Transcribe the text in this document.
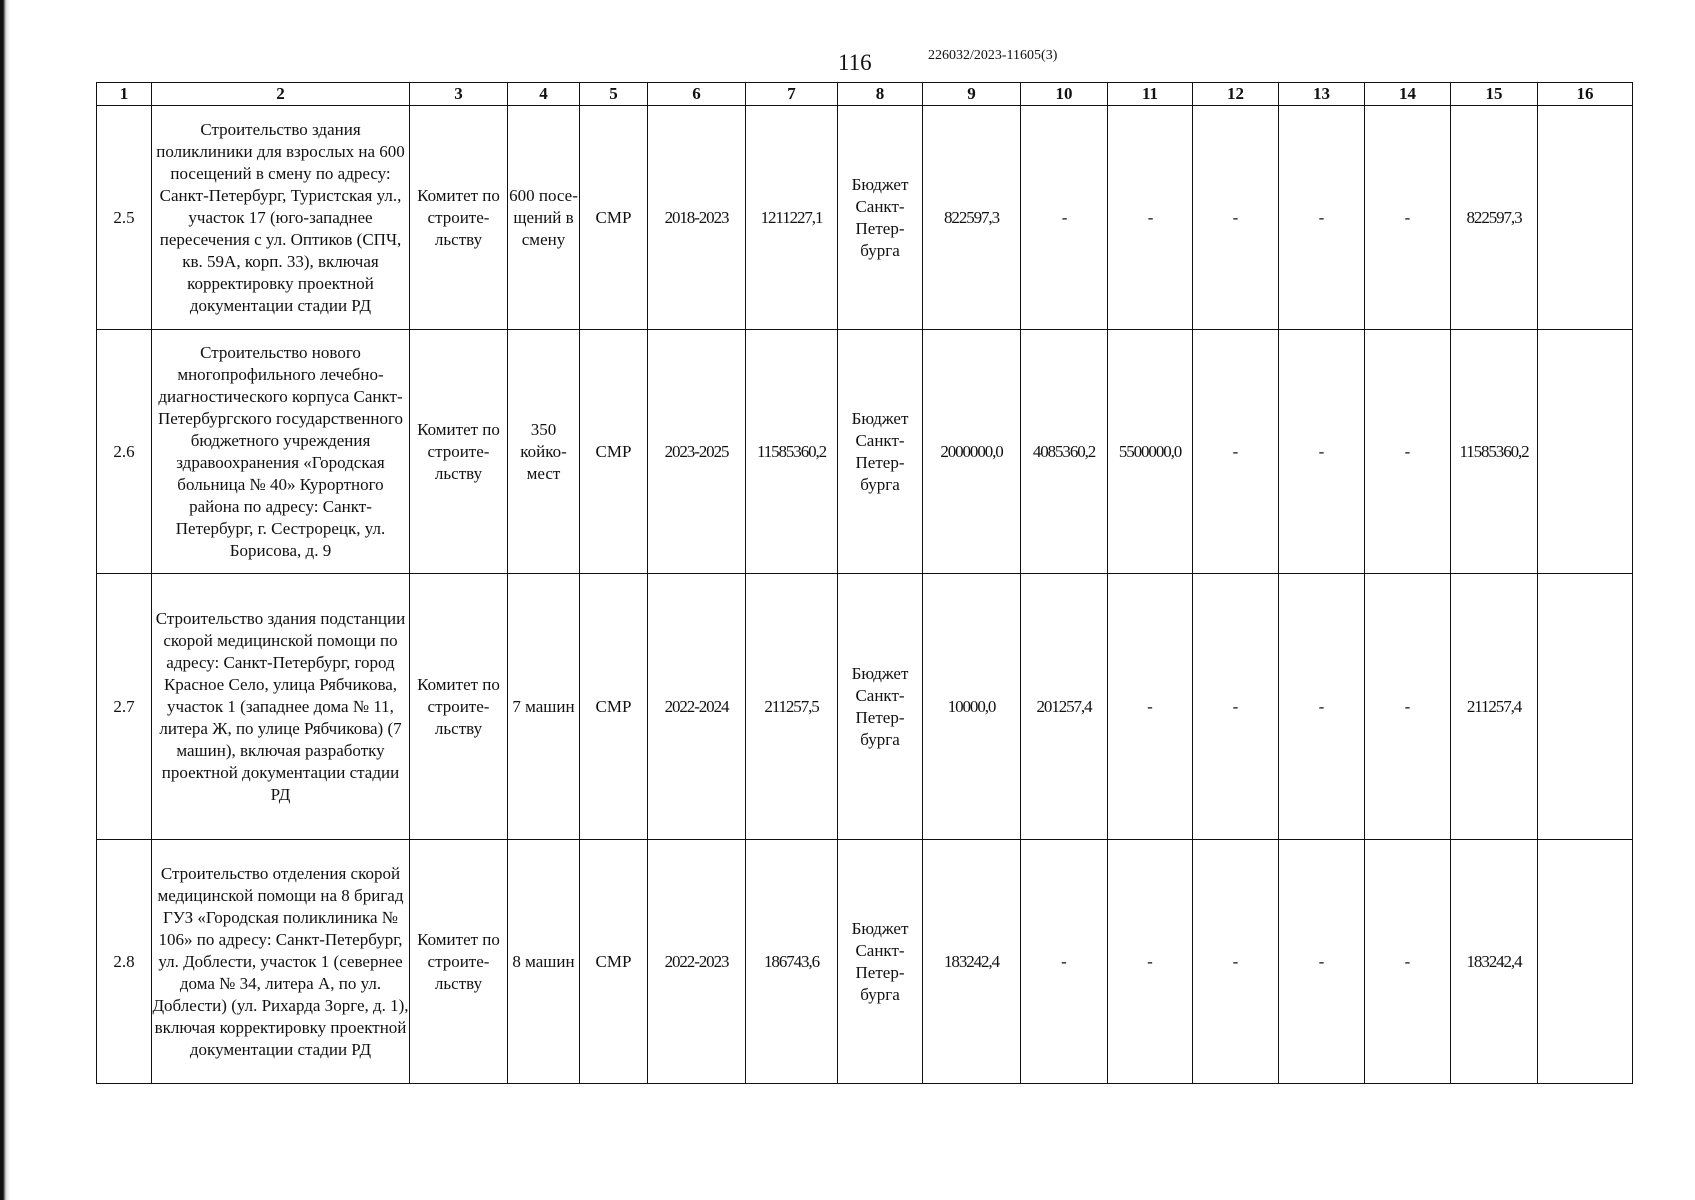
116	226032/2023-11605(3)
1	2	3	4	5	6	7	8	9	10	11	12	13	14	15	16
2.5	Строительство здания поликлиники для взрослых на 600 посещений в смену по адресу: Санкт-Петербург, Туристская ул., участок 17 (юго-западнее пересечения с ул. Оптиков (СПЧ, кв. 59А, корп. 33), включая корректировку проектной документации стадии РД	Комитет по строите-льству	600 посе-щений в смену	СМР	2018-2023	1211227,1	Бюджет Санкт-Петер-бурга	822597,3	-	-	-	-	-	822597,3	
2.6	Строительство нового многопрофильного лечебно-диагностического корпуса Санкт-Петербургского государственного бюджетного учреждения здравоохранения «Городская больница № 40» Курортного района по адресу: Санкт-Петербург, г. Сестрорецк, ул. Борисова, д. 9	Комитет по строите-льству	350 койко-мест	СМР	2023-2025	11585360,2	Бюджет Санкт-Петер-бурга	2000000,0	4085360,2	5500000,0	-	-	-	11585360,2	
2.7	Строительство здания подстанции скорой медицинской помощи по адресу: Санкт-Петербург, город Красное Село, улица Рябчикова, участок 1 (западнее дома № 11, литера Ж, по улице Рябчикова) (7 машин), включая разработку проектной документации стадии РД	Комитет по строите-льству	7 машин	СМР	2022-2024	211257,5	Бюджет Санкт-Петер-бурга	10000,0	201257,4	-	-	-	-	211257,4	
2.8	Строительство отделения скорой медицинской помощи на 8 бригад ГУЗ «Городская поликлиника № 106» по адресу: Санкт-Петербург, ул. Доблести, участок 1 (севернее дома № 34, литера А, по ул. Доблести) (ул. Рихарда Зорге, д. 1), включая корректировку проектной документации стадии РД	Комитет по строите-льству	8 машин	СМР	2022-2023	186743,6	Бюджет Санкт-Петер-бурга	183242,4	-	-	-	-	-	183242,4	
